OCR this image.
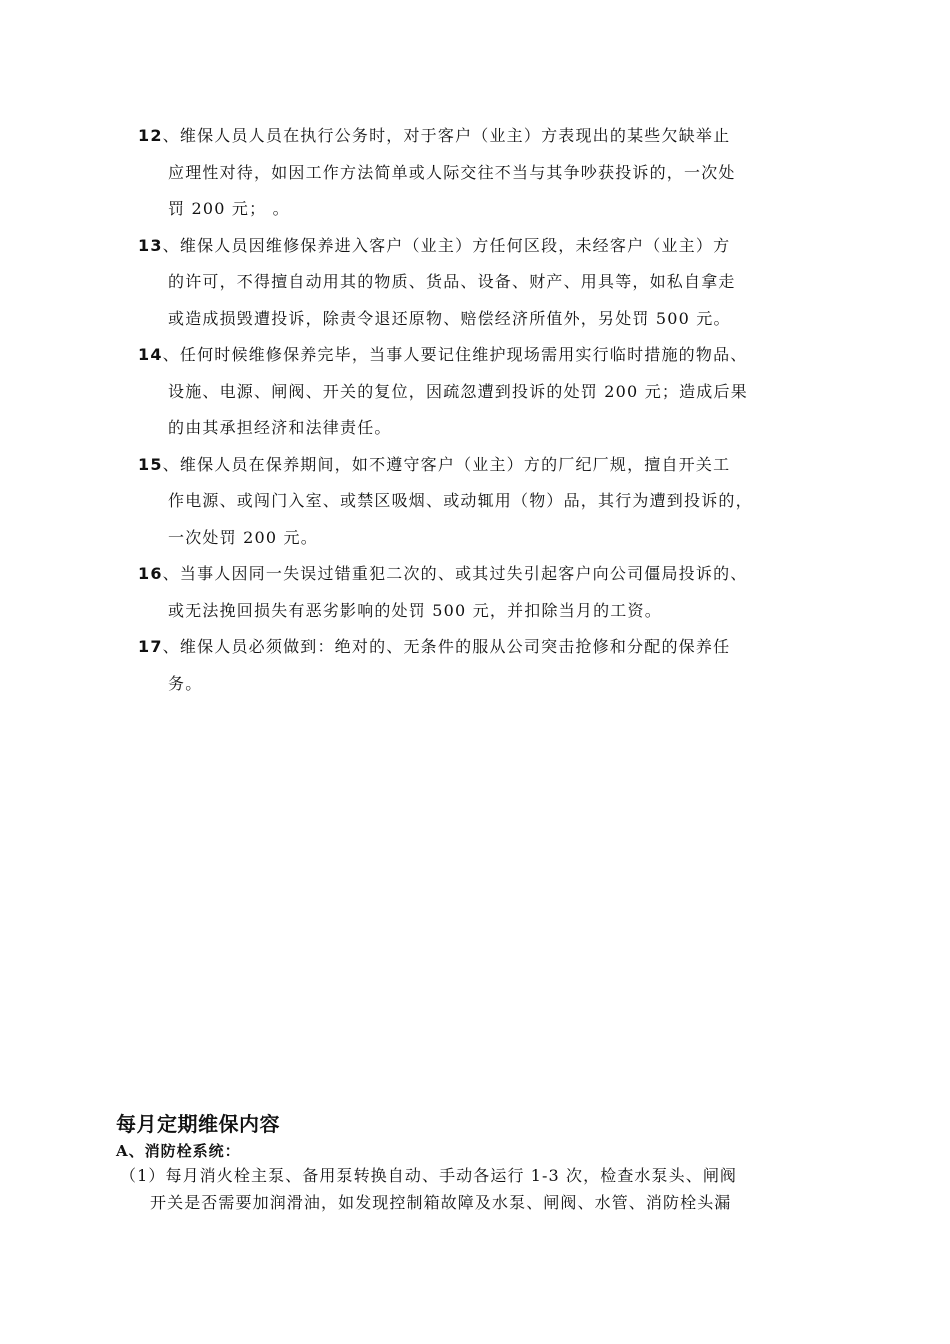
12、维保人员人员在执行公务时，对于客户（业主）方表现出的某些欠缺举止
应理性对待，如因工作方法简单或人际交往不当与其争吵获投诉的，一次处
罚 200 元； 。
13、维保人员因维修保养进入客户（业主）方任何区段，未经客户（业主）方
的许可，不得擅自动用其的物质、货品、设备、财产、用具等，如私自拿走
或造成损毁遭投诉，除责令退还原物、赔偿经济所值外，另处罚 500 元。
14、任何时候维修保养完毕，当事人要记住维护现场需用实行临时措施的物品、
设施、电源、闸阀、开关的复位，因疏忽遭到投诉的处罚 200 元；造成后果
的由其承担经济和法律责任。
15、维保人员在保养期间，如不遵守客户（业主）方的厂纪厂规，擅自开关工
作电源、或闯门入室、或禁区吸烟、或动辄用（物）品，其行为遭到投诉的，
一次处罚 200 元。
16、当事人因同一失误过错重犯二次的、或其过失引起客户向公司僵局投诉的、
或无法挽回损失有恶劣影响的处罚 500 元，并扣除当月的工资。
17、维保人员必须做到：绝对的、无条件的服从公司突击抢修和分配的保养任
务。
每月定期维保内容
A、消防栓系统：
（1）每月消火栓主泵、备用泵转换自动、手动各运行 1-3 次，检查水泵头、闸阀
开关是否需要加润滑油，如发现控制箱故障及水泵、闸阀、水管、消防栓头漏
